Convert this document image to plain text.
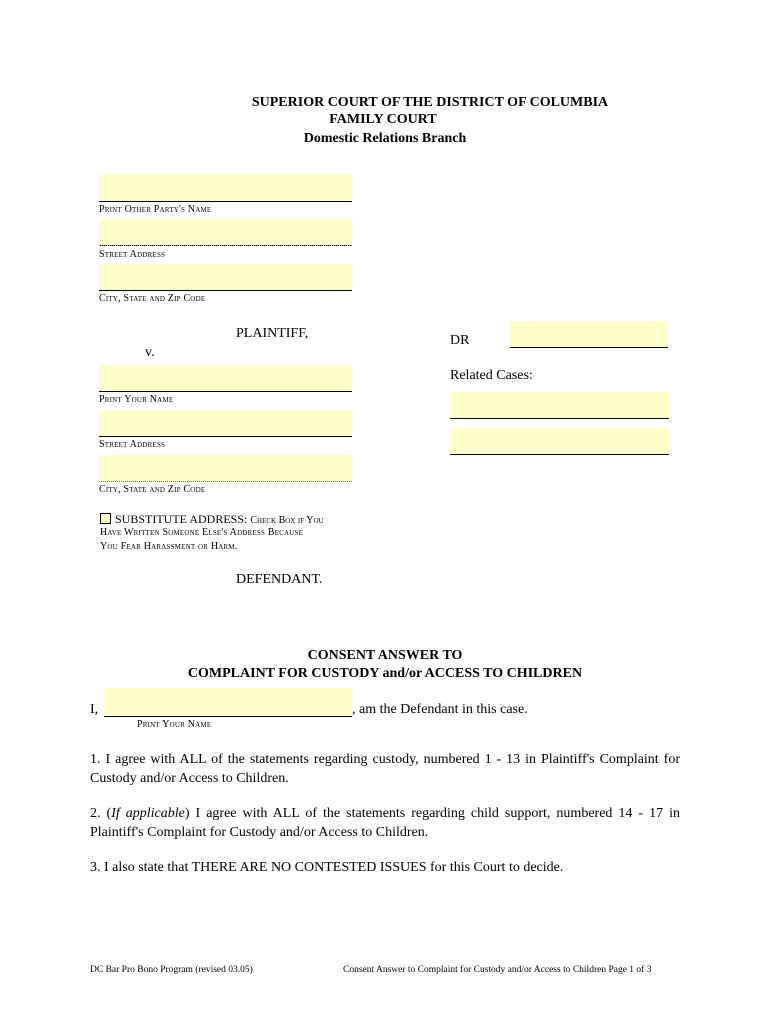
SUPERIOR COURT OF THE DISTRICT OF COLUMBIA
FAMILY COURT
Domestic Relations Branch
Print Other Party's Name
Street Address
City, State and Zip Code
PLAINTIFF,
v.
DR
Related Cases:
Print Your Name
Street Address
City, State and Zip Code
SUBSTITUTE ADDRESS: Check Box if You
Have Written Someone Else's Address Because
You Fear Harassment or Harm.
DEFENDANT.
CONSENT ANSWER TO
COMPLAINT FOR CUSTODY and/or ACCESS TO CHILDREN
I,	, am the Defendant in this case.
Print Your Name
1. I agree with ALL of the statements regarding custody, numbered 1 - 13 in Plaintiff's Complaint for Custody and/or Access to Children.
2. (If applicable) I agree with ALL of the statements regarding child support, numbered 14 - 17 in Plaintiff's Complaint for Custody and/or Access to Children.
3. I also state that THERE ARE NO CONTESTED ISSUES for this Court to decide.
DC Bar Pro Bono Program (revised 03.05)	Consent Answer to Complaint for Custody and/or Access to Children Page 1 of 3
